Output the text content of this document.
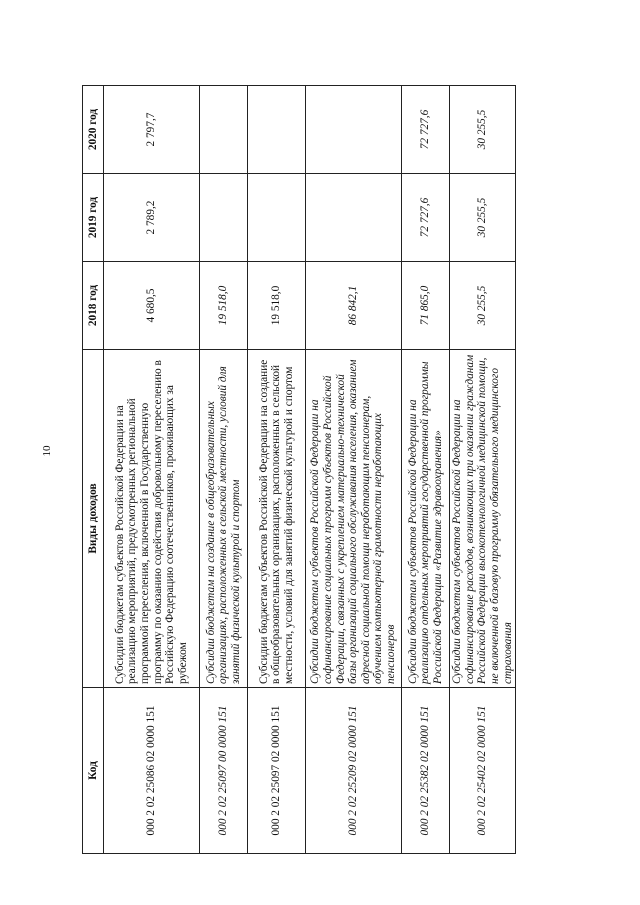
10
Код	Виды доходов	2018 год	2019 год	2020 год
000 2 02 25086 02 0000 151	Субсидии бюджетам субъектов Российской Федерации на реализацию мероприятий, предусмотренных региональной программой переселения, включенной в Государственную программу по оказанию содействия добровольному переселению в Российскую Федерацию соотечественников, проживающих за рубежом	4 680,5	2 789,2	2 797,7
000 2 02 25097 00 0000 151	Субсидии бюджетам на создание в общеобразовательных организациях, расположенных в сельской местности, условий для занятий физической культурой и спортом	19 518,0		
000 2 02 25097 02 0000 151	Субсидии бюджетам субъектов Российской Федерации на создание в общеобразовательных организациях, расположенных в сельской местности, условий для занятий физической культурой и спортом	19 518,0		
000 2 02 25209 02 0000 151	Субсидии бюджетам субъектов Российской Федерации на софинансирование социальных программ субъектов Российской Федерации, связанных с укреплением материально-технической базы организаций социального обслуживания населения, оказанием адресной социальной помощи неработающим пенсионерам, обучением компьютерной грамотности неработающих пенсионеров	86 842,1		
000 2 02 25382 02 0000 151	Субсидии бюджетам субъектов Российской Федерации на реализацию отдельных мероприятий государственной программы Российской Федерации «Развитие здравоохранения»	71 865,0	72 727,6	72 727,6
000 2 02 25402 02 0000 151	Субсидии бюджетам субъектов Российской Федерации на софинансирование расходов, возникающих при оказании гражданам Российской Федерации высокотехнологичной медицинской помощи, не включенной в базовую программу обязательного медицинского страхования	30 255,5	30 255,5	30 255,5
